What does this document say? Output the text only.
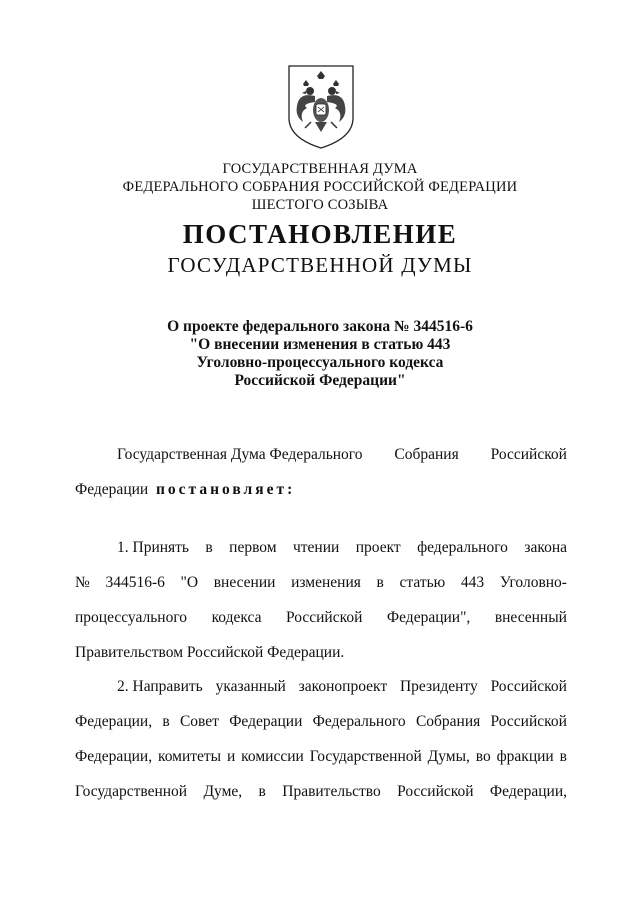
ГОСУДАРСТВЕННАЯ ДУМА
ФЕДЕРАЛЬНОГО СОБРАНИЯ РОССИЙСКОЙ ФЕДЕРАЦИИ
ШЕСТОГО СОЗЫВА
ПОСТАНОВЛЕНИЕ
ГОСУДАРСТВЕННОЙ ДУМЫ
О проекте федерального закона № 344516-6
"О внесении изменения в статью 443
Уголовно-процессуального кодекса
Российской Федерации"
Государственная Дума Федерального Собрания Российской
Федерации
постановляет:
1. Принять в первом чтении проект федерального закона
№ 344516-6 "О внесении изменения в статью 443 Уголовно-
процессуального кодекса Российской Федерации", внесенный
Правительством Российской Федерации.
2. Направить указанный законопроект Президенту Российской
Федерации, в Совет Федерации Федерального Собрания Российской
Федерации, комитеты и комиссии Государственной Думы, во фракции в
Государственной Думе, в Правительство Российской Федерации,
